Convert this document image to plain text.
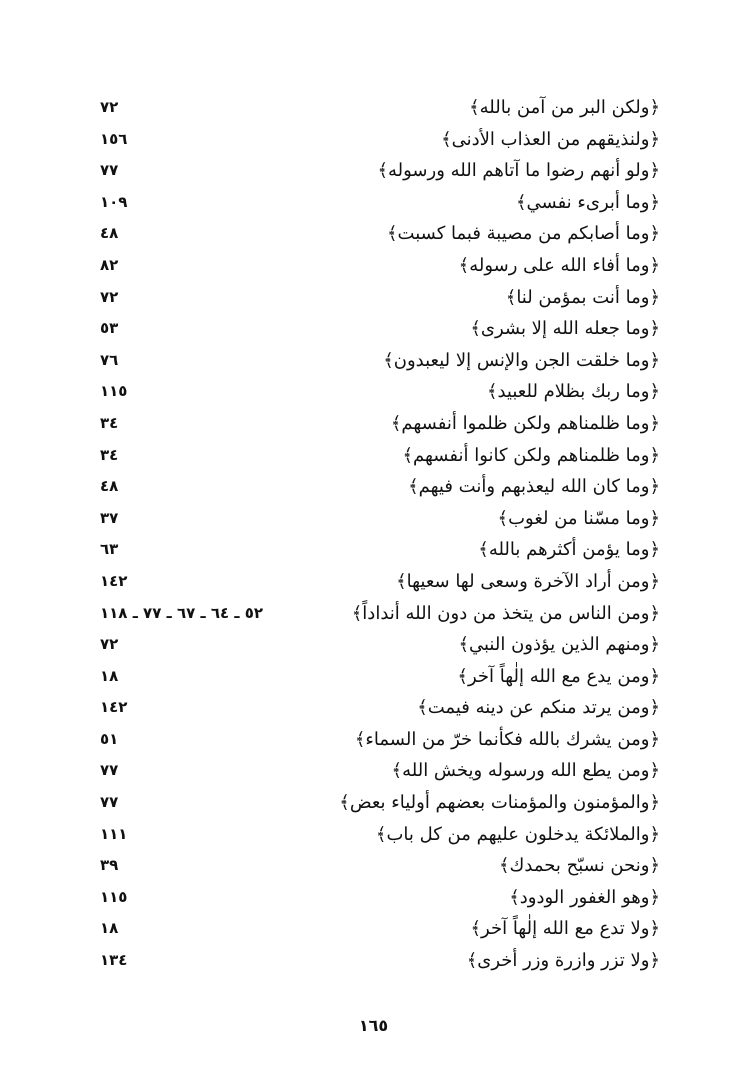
﴿ولكن البر من آمن بالله﴾
٧٢
﴿ولنذيقهم من العذاب الأدنى﴾
١٥٦
﴿ولو أنهم رضوا ما آتاهم الله ورسوله﴾
٧٧
﴿وما أبرىء نفسي﴾
١٠٩
﴿وما أصابكم من مصيبة فبما كسبت﴾
٤٨
﴿وما أفاء الله على رسوله﴾
٨٢
﴿وما أنت بمؤمن لنا﴾
٧٢
﴿وما جعله الله إلا بشرى﴾
٥٣
﴿وما خلقت الجن والإنس إلا ليعبدون﴾
٧٦
﴿وما ربك بظلام للعبيد﴾
١١٥
﴿وما ظلمناهم ولكن ظلموا أنفسهم﴾
٣٤
﴿وما ظلمناهم ولكن كانوا أنفسهم﴾
٣٤
﴿وما كان الله ليعذبهم وأنت فيهم﴾
٤٨
﴿وما مسّنا من لغوب﴾
٣٧
﴿وما يؤمن أكثرهم بالله﴾
٦٣
﴿ومن أراد الآخرة وسعى لها سعيها﴾
١٤٢
﴿ومن الناس من يتخذ من دون الله أنداداً﴾
٥٢ ـ ٦٤ ـ ٦٧ ـ ٧٧ ـ ١١٨
﴿ومنهم الذين يؤذون النبي﴾
٧٢
﴿ومن يدع مع الله إلٰهاً آخر﴾
١٨
﴿ومن يرتد منكم عن دينه فيمت﴾
١٤٢
﴿ومن يشرك بالله فكأنما خرّ من السماء﴾
٥١
﴿ومن يطع الله ورسوله ويخش الله﴾
٧٧
﴿والمؤمنون والمؤمنات بعضهم أولياء بعض﴾
٧٧
﴿والملائكة يدخلون عليهم من كل باب﴾
١١١
﴿ونحن نسبّح بحمدك﴾
٣٩
﴿وهو الغفور الودود﴾
١١٥
﴿ولا تدع مع الله إلٰهاً آخر﴾
١٨
﴿ولا تزر وازرة وزر أخرى﴾
١٣٤
١٦٥
